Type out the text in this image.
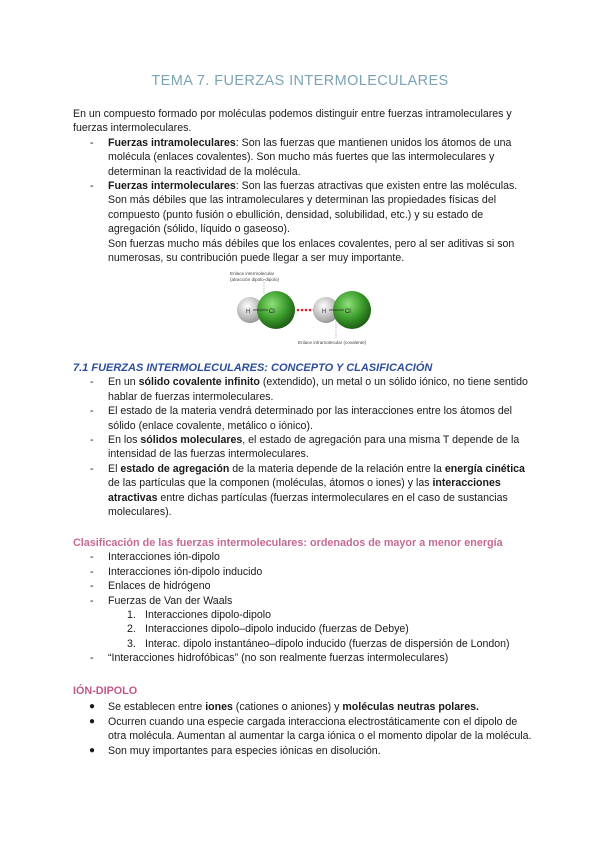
TEMA 7. FUERZAS INTERMOLECULARES
En un compuesto formado por moléculas podemos distinguir entre fuerzas intramoleculares y fuerzas intermoleculares.
- Fuerzas intramoleculares: Son las fuerzas que mantienen unidos los átomos de una molécula (enlaces covalentes). Son mucho más fuertes que las intermoleculares y determinan la reactividad de la molécula.
- Fuerzas intermoleculares: Son las fuerzas atractivas que existen entre las moléculas. Son más débiles que las intramoleculares y determinan las propiedades físicas del compuesto (punto fusión o ebullición, densidad, solubilidad, etc.) y su estado de agregación (sólido, líquido o gaseoso).
Son fuerzas mucho más débiles que los enlaces covalentes, pero al ser aditivas si son numerosas, su contribución puede llegar a ser muy importante.
Enlace intermolecular
(atracción dipolo-dipolo)
H	Cl	H	Cl
Enlace intramolecular (covalente)
7.1 FUERZAS INTERMOLECULARES: CONCEPTO Y CLASIFICACIÓN
- En un sólido covalente infinito (extendido), un metal o un sólido iónico, no tiene sentido hablar de fuerzas intermoleculares.
- El estado de la materia vendrá determinado por las interacciones entre los átomos del sólido (enlace covalente, metálico o iónico).
- En los sólidos moleculares, el estado de agregación para una misma T depende de la intensidad de las fuerzas intermoleculares.
- El estado de agregación de la materia depende de la relación entre la energía cinética de las partículas que la componen (moléculas, átomos o iones) y las interacciones atractivas entre dichas partículas (fuerzas intermoleculares en el caso de sustancias moleculares).
Clasificación de las fuerzas intermoleculares: ordenados de mayor a menor energía
- Interacciones ión-dipolo
- Interacciones ión-dipolo inducido
- Enlaces de hidrógeno
- Fuerzas de Van der Waals
1. Interacciones dipolo-dipolo
2. Interacciones dipolo–dipolo inducido (fuerzas de Debye)
3. Interac. dipolo instantáneo–dipolo inducido (fuerzas de dispersión de London)
- “Interacciones hidrofóbicas” (no son realmente fuerzas intermoleculares)
IÓN-DIPOLO
● Se establecen entre iones (cationes o aniones) y moléculas neutras polares.
● Ocurren cuando una especie cargada interacciona electrostáticamente con el dipolo de otra molécula. Aumentan al aumentar la carga iónica o el momento dipolar de la molécula.
● Son muy importantes para especies iónicas en disolución.
